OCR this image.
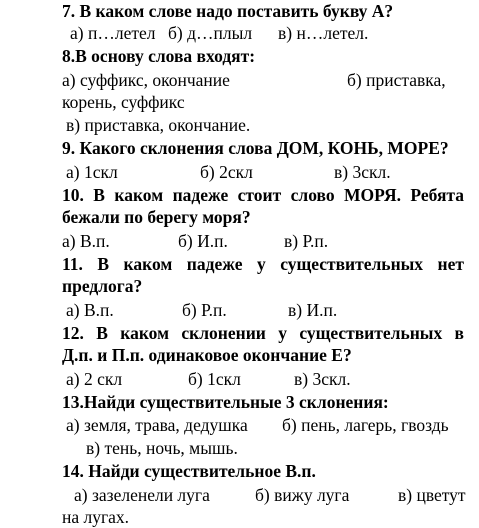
7. В каком слове надо поставить букву А?
а) п…летел б) д…плыл	в) н…летел.
8.В основу слова входят:
а) суффикс, окончание	б) приставка,
корень, суффикс
в) приставка, окончание.
9. Какого склонения слова ДОМ, КОНЬ, МОРЕ?
а) 1скл	б) 2скл	в) 3скл.
10. В каком падеже стоит слово МОРЯ. Ребята
бежали по берегу моря?
а) В.п.	б) И.п.	в) Р.п.
11. В каком падеже у существительных нет
предлога?
а) В.п.	б) Р.п.	в) И.п.
12. В каком склонении у существительных в
Д.п. и П.п. одинаковое окончание Е?
а) 2 скл	б) 1скл	в) 3скл.
13.Найди существительные 3 склонения:
а) земля, трава, дедушка	б) пень, лагерь, гвоздь
в) тень, ночь, мышь.
14. Найди существительное В.п.
а) зазеленели луга	б) вижу луга	в) цветут
на лугах.
